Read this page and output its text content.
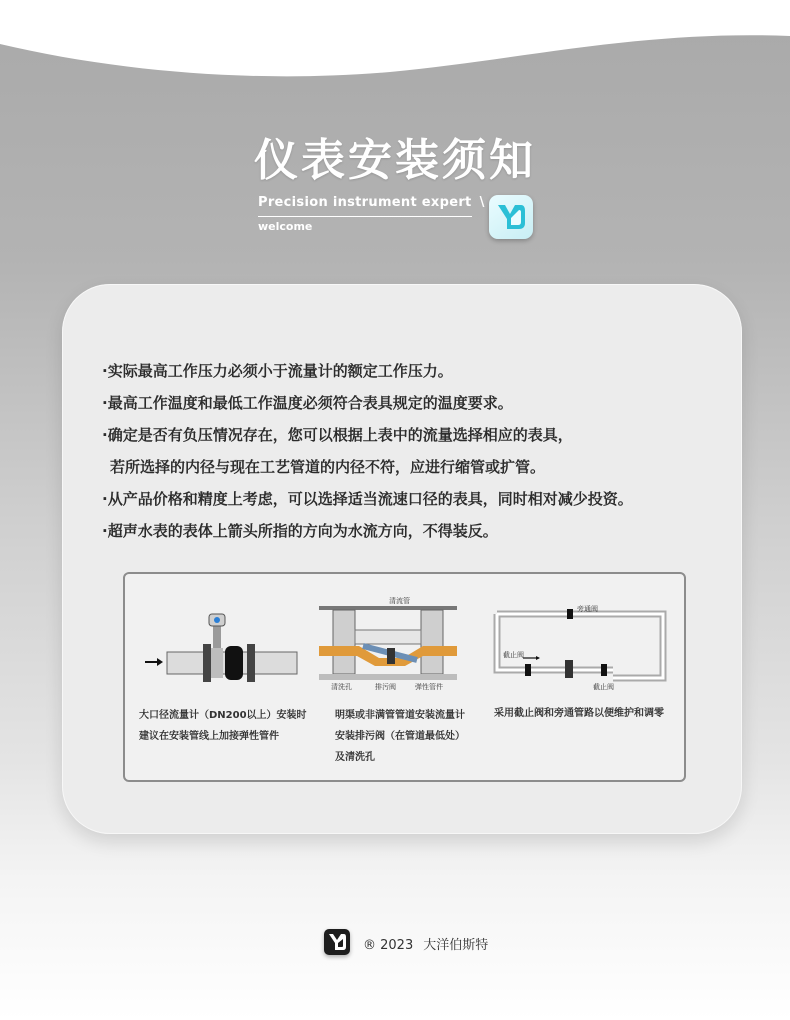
仪表安装须知
Precision instrument expert \
welcome
·实际最高工作压力必须小于流量计的额定工作压力。
·最高工作温度和最低工作温度必须符合表具规定的温度要求。
·确定是否有负压情况存在，您可以根据上表中的流量选择相应的表具，
若所选择的内径与现在工艺管道的内径不符，应进行缩管或扩管。
·从产品价格和精度上考虑，可以选择适当流速口径的表具，同时相对减少投资。
·超声水表的表体上箭头所指的方向为水流方向，不得装反。
大口径流量计（DN200以上）安装时
建议在安装管线上加接弹性管件
清流管
清洗孔	排污阀	弹性管件
明渠或非满管管道安装流量计
安装排污阀（在管道最低处）
及清洗孔
旁通阀
截止阀
截止阀
采用截止阀和旁通管路以便维护和调零
® 2023 大洋伯斯特
